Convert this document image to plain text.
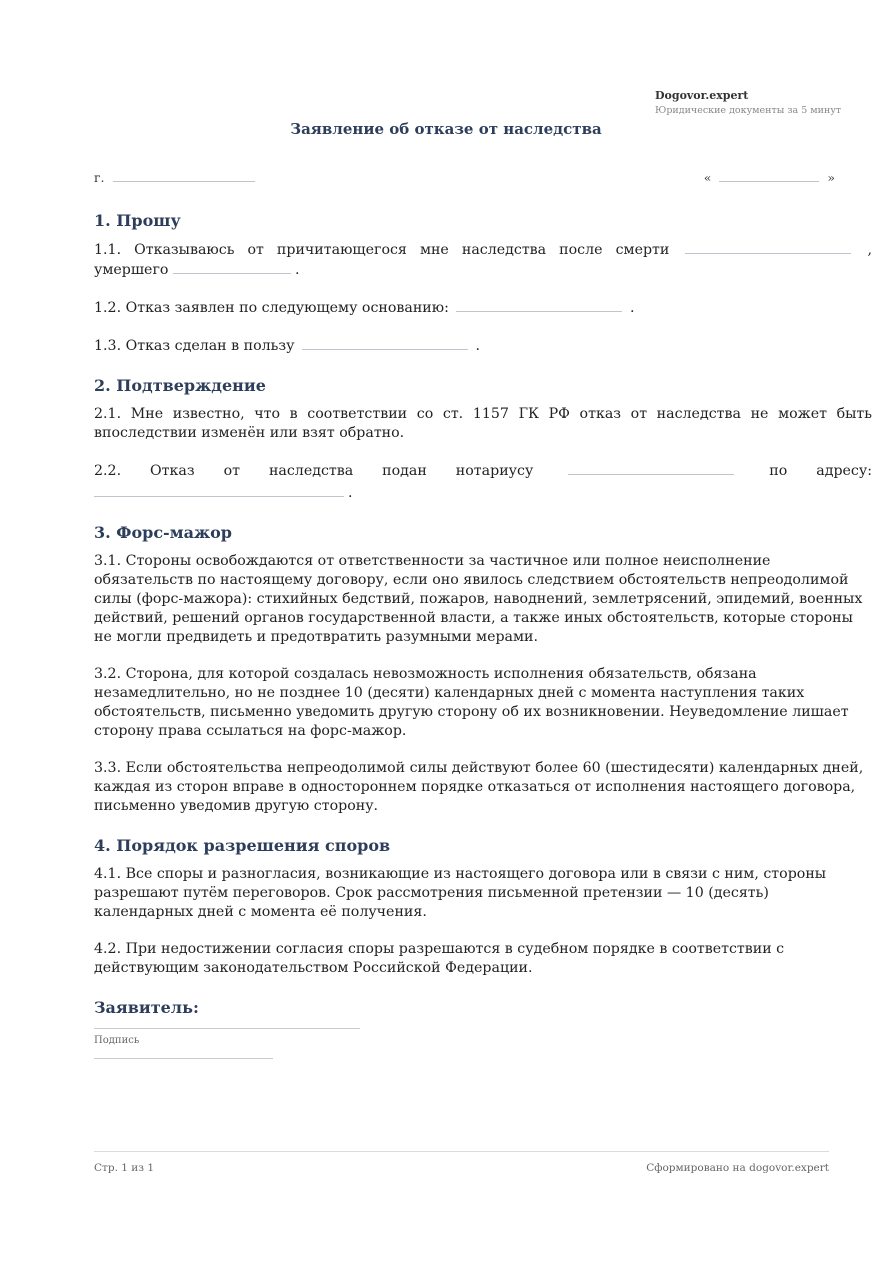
Dogovor.expert
Юридические документы за 5 минут
Заявление об отказе от наследства
г.	«	»
1. Прошу

1.1. Отказываюсь от причитающегося мне наследства после смерти	, умершего	.

1.2. Отказ заявлен по следующему основанию:	.

1.3. Отказ сделан в пользу	.

2. Подтверждение

2.1. Мне известно, что в соответствии со ст. 1157 ГК РФ отказ от наследства не может быть впоследствии изменён или взят обратно.

2.2. Отказ от наследства подан нотариусу	по адресу:

.

3. Форс-мажор

3.1. Стороны освобождаются от ответственности за частичное или полное неисполнение обязательств по настоящему договору, если оно явилось следствием обстоятельств непреодолимой силы (форс-мажора): стихийных бедствий, пожаров, наводнений, землетрясений, эпидемий, военных действий, решений органов государственной власти, а также иных обстоятельств, которые стороны не могли предвидеть и предотвратить разумными мерами.

3.2. Сторона, для которой создалась невозможность исполнения обязательств, обязана незамедлительно, но не позднее 10 (десяти) календарных дней с момента наступления таких обстоятельств, письменно уведомить другую сторону об их возникновении. Неуведомление лишает сторону права ссылаться на форс-мажор.

3.3. Если обстоятельства непреодолимой силы действуют более 60 (шестидесяти) календарных дней, каждая из сторон вправе в одностороннем порядке отказаться от исполнения настоящего договора, письменно уведомив другую сторону.

4. Порядок разрешения споров

4.1. Все споры и разногласия, возникающие из настоящего договора или в связи с ним, стороны разрешают путём переговоров. Срок рассмотрения письменной претензии — 10 (десять) календарных дней с момента её получения.

4.2. При недостижении согласия споры разрешаются в судебном порядке в соответствии с действующим законодательством Российской Федерации.

Заявитель:
Подпись
Стр. 1 из 1	Сформировано на dogovor.expert
